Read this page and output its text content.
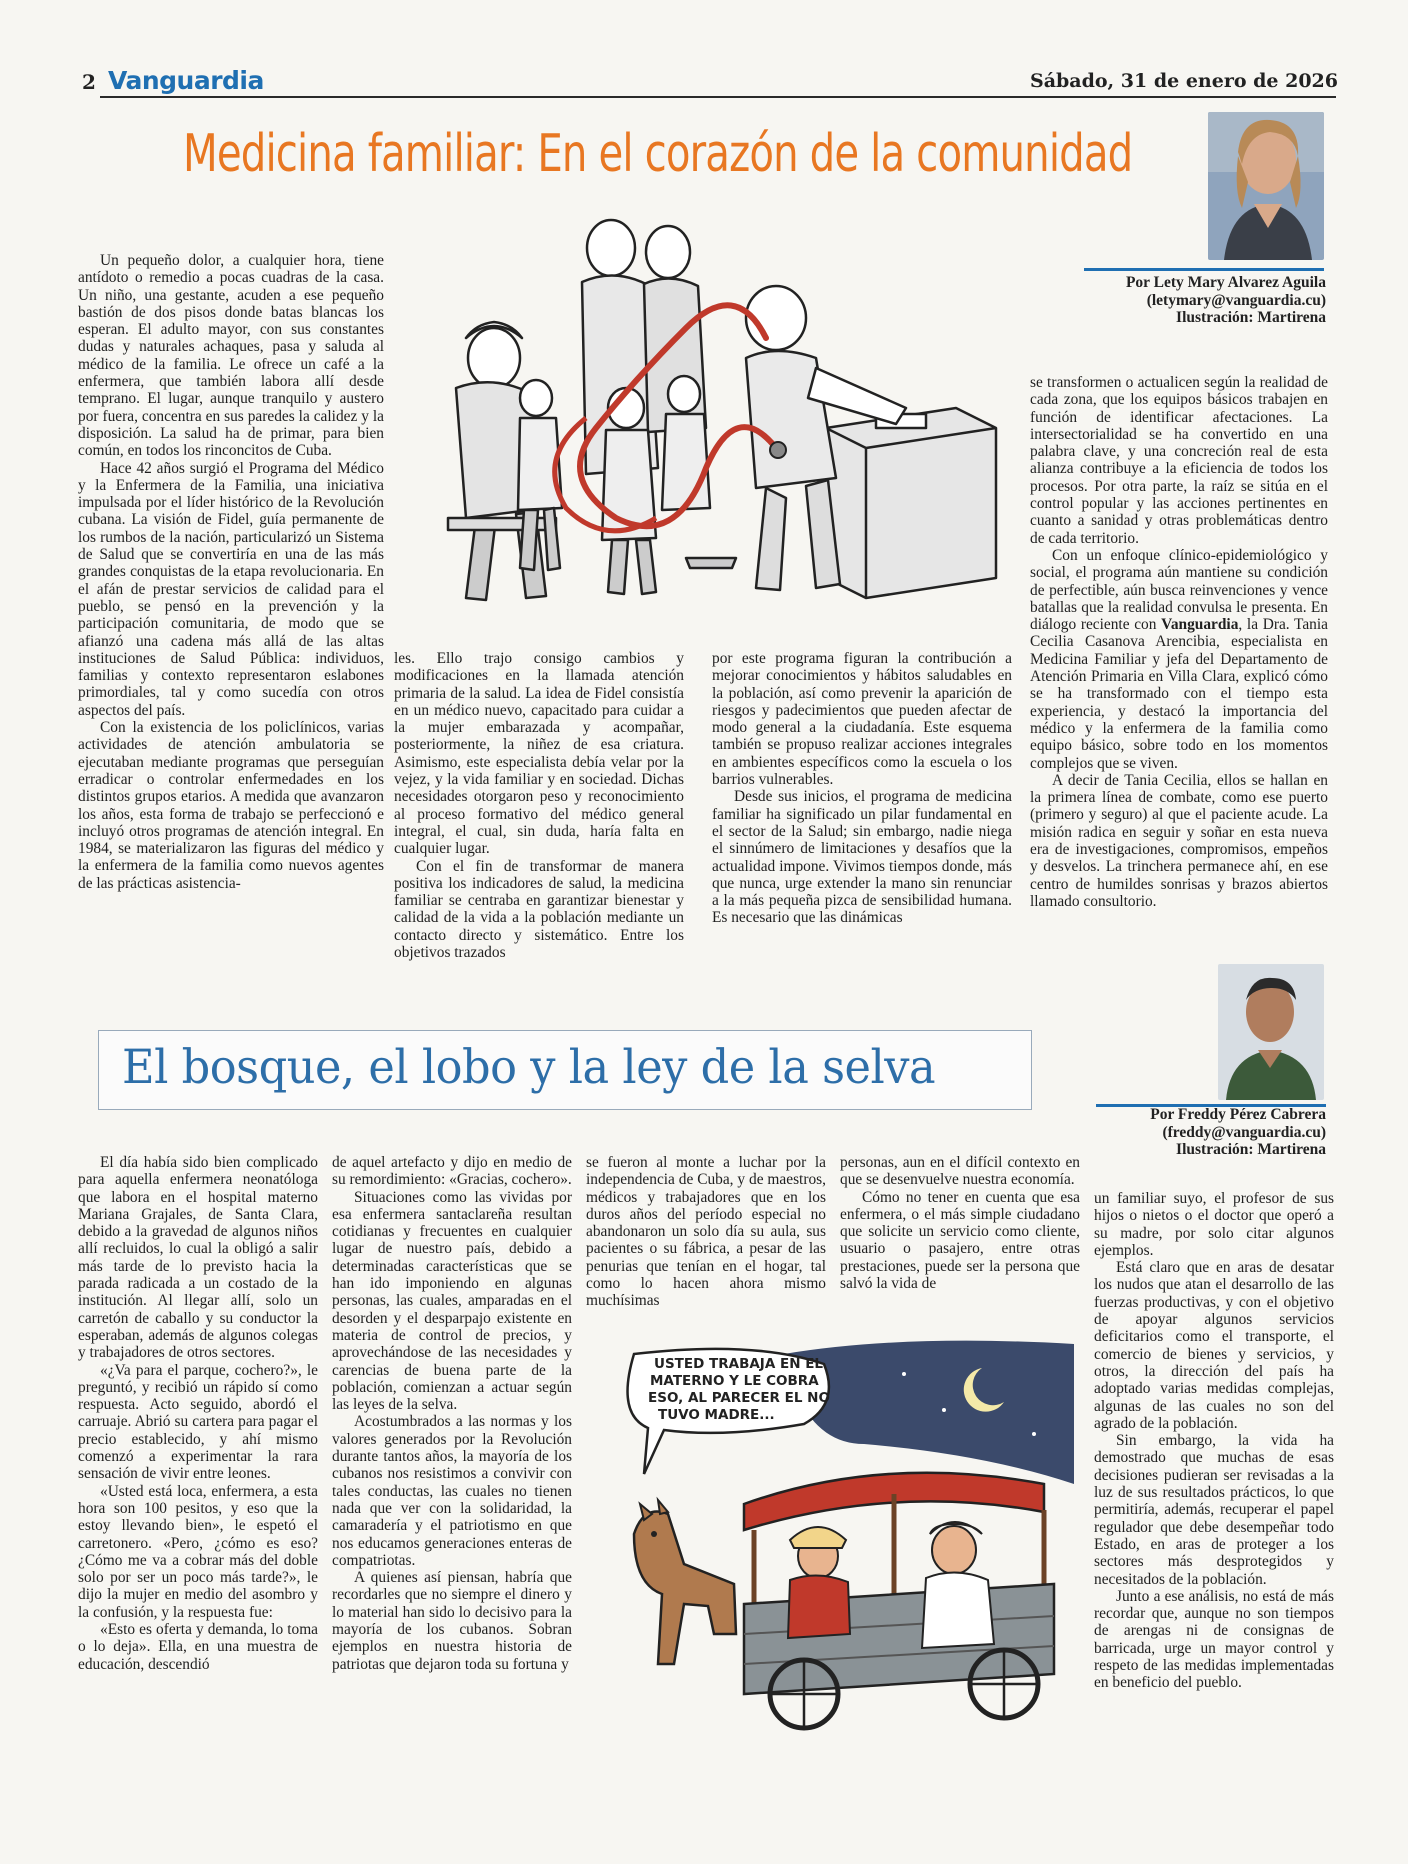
2 Vanguardia	Sábado, 31 de enero de 2026
Medicina familiar: En el corazón de la comunidad
Por Lety Mary Alvarez Aguila
(letymary@vanguardia.cu)
Ilustración: Martirena

Un pequeño dolor, a cualquier hora, tiene antídoto o remedio a pocas cuadras de la casa. Un niño, una gestante, acuden a ese pequeño bastión de dos pisos donde batas blancas los esperan. El adulto mayor, con sus constantes dudas y naturales achaques, pasa y saluda al médico de la familia. Le ofrece un café a la enfermera, que también labora allí desde temprano. El lugar, aunque tranquilo y austero por fuera, concentra en sus paredes la calidez y la disposición. La salud ha de primar, para bien común, en todos los rinconcitos de Cuba.

Hace 42 años surgió el Programa del Médico y la Enfermera de la Familia, una iniciativa impulsada por el líder histórico de la Revolución cubana. La visión de Fidel, guía permanente de los rumbos de la nación, particularizó un Sistema de Salud que se convertiría en una de las más grandes conquistas de la etapa revolucionaria. En el afán de prestar servicios de calidad para el pueblo, se pensó en la prevención y la participación comunitaria, de modo que se afianzó una cadena más allá de las altas instituciones de Salud Pública: individuos, familias y contexto representaron eslabones primordiales, tal y como sucedía con otros aspectos del país.

Con la existencia de los policlínicos, varias actividades de atención ambulatoria se ejecutaban mediante programas que perseguían erradicar o controlar enfermedades en los distintos grupos etarios. A medida que avanzaron los años, esta forma de trabajo se perfeccionó e incluyó otros programas de atención integral. En 1984, se materializaron las figuras del médico y la enfermera de la familia como nuevos agentes de las prácticas asistencia-

les. Ello trajo consigo cambios y modificaciones en la llamada atención primaria de la salud. La idea de Fidel consistía en un médico nuevo, capacitado para cuidar a la mujer embarazada y acompañar, posteriormente, la niñez de esa criatura. Asimismo, este especialista debía velar por la vejez, y la vida familiar y en sociedad. Dichas necesidades otorgaron peso y reconocimiento al proceso formativo del médico general integral, el cual, sin duda, haría falta en cualquier lugar.

Con el fin de transformar de manera positiva los indicadores de salud, la medicina familiar se centraba en garantizar bienestar y calidad de la vida a la población mediante un contacto directo y sistemático. Entre los objetivos trazados

por este programa figuran la contribución a mejorar conocimientos y hábitos saludables en la población, así como prevenir la aparición de riesgos y padecimientos que pueden afectar de modo general a la ciudadanía. Este esquema también se propuso realizar acciones integrales en ambientes específicos como la escuela o los barrios vulnerables.

Desde sus inicios, el programa de medicina familiar ha significado un pilar fundamental en el sector de la Salud; sin embargo, nadie niega el sinnúmero de limitaciones y desafíos que la actualidad impone. Vivimos tiempos donde, más que nunca, urge extender la mano sin renunciar a la más pequeña pizca de sensibilidad humana. Es necesario que las dinámicas

se transformen o actualicen según la realidad de cada zona, que los equipos básicos trabajen en función de identificar afectaciones. La intersectorialidad se ha convertido en una palabra clave, y una concreción real de esta alianza contribuye a la eficiencia de todos los procesos. Por otra parte, la raíz se sitúa en el control popular y las acciones pertinentes en cuanto a sanidad y otras problemáticas dentro de cada territorio.

Con un enfoque clínico-epidemiológico y social, el programa aún mantiene su condición de perfectible, aún busca reinvenciones y vence batallas que la realidad convulsa le presenta. En diálogo reciente con Vanguardia, la Dra. Tania Cecilia Casanova Arencibia, especialista en Medicina Familiar y jefa del Departamento de Atención Primaria en Villa Clara, explicó cómo se ha transformado con el tiempo esta experiencia, y destacó la importancia del médico y la enfermera de la familia como equipo básico, sobre todo en los momentos complejos que se viven.

A decir de Tania Cecilia, ellos se hallan en la primera línea de combate, como ese puerto (primero y seguro) al que el paciente acude. La misión radica en seguir y soñar en esta nueva era de investigaciones, compromisos, empeños y desvelos. La trinchera permanece ahí, en ese centro de humildes sonrisas y brazos abiertos llamado consultorio.

El bosque, el lobo y la ley de la selva
Por Freddy Pérez Cabrera
(freddy@vanguardia.cu)
Ilustración: Martirena

El día había sido bien complicado para aquella enfermera neonatóloga que labora en el hospital materno Mariana Grajales, de Santa Clara, debido a la gravedad de algunos niños allí recluidos, lo cual la obligó a salir más tarde de lo previsto hacia la parada radicada a un costado de la institución. Al llegar allí, solo un carretón de caballo y su conductor la esperaban, además de algunos colegas y trabajadores de otros sectores.

«¿Va para el parque, cochero?», le preguntó, y recibió un rápido sí como respuesta. Acto seguido, abordó el carruaje. Abrió su cartera para pagar el precio establecido, y ahí mismo comenzó a experimentar la rara sensación de vivir entre leones.

«Usted está loca, enfermera, a esta hora son 100 pesitos, y eso que la estoy llevando bien», le espetó el carretonero. «Pero, ¿cómo es eso? ¿Cómo me va a cobrar más del doble solo por ser un poco más tarde?», le dijo la mujer en medio del asombro y la confusión, y la respuesta fue:

«Esto es oferta y demanda, lo toma o lo deja». Ella, en una muestra de educación, descendió

de aquel artefacto y dijo en medio de su remordimiento: «Gracias, cochero».

Situaciones como las vividas por esa enfermera santaclareña resultan cotidianas y frecuentes en cualquier lugar de nuestro país, debido a determinadas características que se han ido imponiendo en algunas personas, las cuales, amparadas en el desorden y el desparpajo existente en materia de control de precios, y aprovechándose de las necesidades y carencias de buena parte de la población, comienzan a actuar según las leyes de la selva.

Acostumbrados a las normas y los valores generados por la Revolución durante tantos años, la mayoría de los cubanos nos resistimos a convivir con tales conductas, las cuales no tienen nada que ver con la solidaridad, la camaradería y el patriotismo en que nos educamos generaciones enteras de compatriotas.

A quienes así piensan, habría que recordarles que no siempre el dinero y lo material han sido lo decisivo para la mayoría de los cubanos. Sobran ejemplos en nuestra historia de patriotas que dejaron toda su fortuna y

se fueron al monte a luchar por la independencia de Cuba, y de maestros, médicos y trabajadores que en los duros años del período especial no abandonaron un solo día su aula, sus pacientes o su fábrica, a pesar de las penurias que tenían en el hogar, tal como lo hacen ahora mismo muchísimas

personas, aun en el difícil contexto en que se desenvuelve nuestra economía.

Cómo no tener en cuenta que esa enfermera, o el más simple ciudadano que solicite un servicio como cliente, usuario o pasajero, entre otras prestaciones, puede ser la persona que salvó la vida de

un familiar suyo, el profesor de sus hijos o nietos o el doctor que operó a su madre, por solo citar algunos ejemplos.

Está claro que en aras de desatar los nudos que atan el desarrollo de las fuerzas productivas, y con el objetivo de apoyar algunos servicios deficitarios como el transporte, el comercio de bienes y servicios, y otros, la dirección del país ha adoptado varias medidas complejas, algunas de las cuales no son del agrado de la población.

Sin embargo, la vida ha demostrado que muchas de esas decisiones pudieran ser revisadas a la luz de sus resultados prácticos, lo que permitiría, además, recuperar el papel regulador que debe desempeñar todo Estado, en aras de proteger a los sectores más desprotegidos y necesitados de la población.

Junto a ese análisis, no está de más recordar que, aunque no son tiempos de arengas ni de consignas de barricada, urge un mayor control y respeto de las medidas implementadas en beneficio del pueblo.

USTED TRABAJA EN EL MATERNO Y LE COBRA ESO, AL PARECER EL NO TUVO MADRE...
